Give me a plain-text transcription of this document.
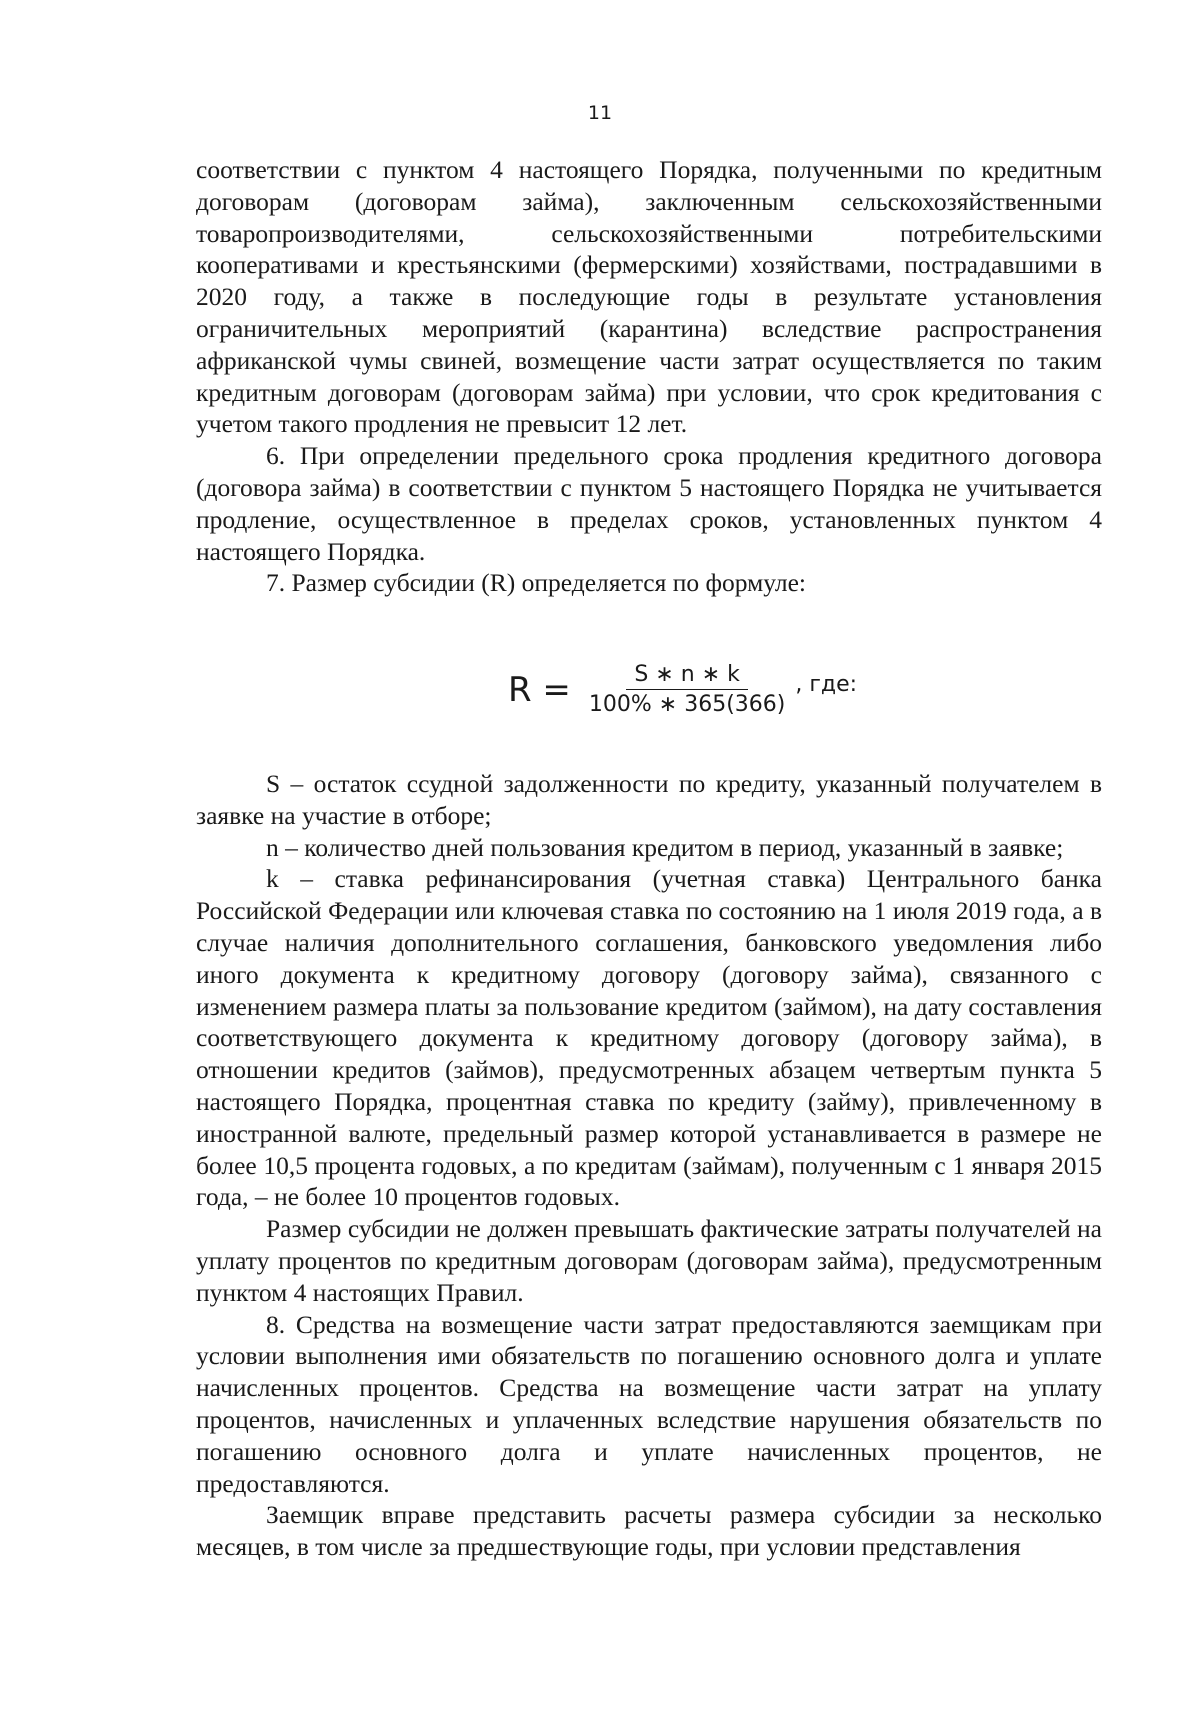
11

соответствии с пунктом 4 настоящего Порядка, полученными по кредитным договорам (договорам займа), заключенным сельскохозяйственными товаропроизводителями, сельскохозяйственными потребительскими кооперативами и крестьянскими (фермерскими) хозяйствами, пострадавшими в 2020 году, а также в последующие годы в результате установления ограничительных мероприятий (карантина) вследствие распространения африканской чумы свиней, возмещение части затрат осуществляется по таким кредитным договорам (договорам займа) при условии, что срок кредитования с учетом такого продления не превысит 12 лет.

6. При определении предельного срока продления кредитного договора (договора займа) в соответствии с пунктом 5 настоящего Порядка не учитывается продление, осуществленное в пределах сроков, установленных пунктом 4 настоящего Порядка.

7. Размер субсидии (R) определяется по формуле:

$R = \frac{S ∗ n ∗ k}{100\% ∗ 365(366)}$ , где:

S – остаток ссудной задолженности по кредиту, указанный получателем в заявке на участие в отборе;

n – количество дней пользования кредитом в период, указанный в заявке;

k – ставка рефинансирования (учетная ставка) Центрального банка Российской Федерации или ключевая ставка по состоянию на 1 июля 2019 года, а в случае наличия дополнительного соглашения, банковского уведомления либо иного документа к кредитному договору (договору займа), связанного с изменением размера платы за пользование кредитом (займом), на дату составления соответствующего документа к кредитному договору (договору займа), в отношении кредитов (займов), предусмотренных абзацем четвертым пункта 5 настоящего Порядка, процентная ставка по кредиту (займу), привлеченному в иностранной валюте, предельный размер которой устанавливается в размере не более 10,5 процента годовых, а по кредитам (займам), полученным с 1 января 2015 года, – не более 10 процентов годовых.

Размер субсидии не должен превышать фактические затраты получателей на уплату процентов по кредитным договорам (договорам займа), предусмотренным пунктом 4 настоящих Правил.

8. Средства на возмещение части затрат предоставляются заемщикам при условии выполнения ими обязательств по погашению основного долга и уплате начисленных процентов. Средства на возмещение части затрат на уплату процентов, начисленных и уплаченных вследствие нарушения обязательств по погашению основного долга и уплате начисленных процентов, не предоставляются.

Заемщик вправе представить расчеты размера субсидии за несколько месяцев, в том числе за предшествующие годы, при условии представления
